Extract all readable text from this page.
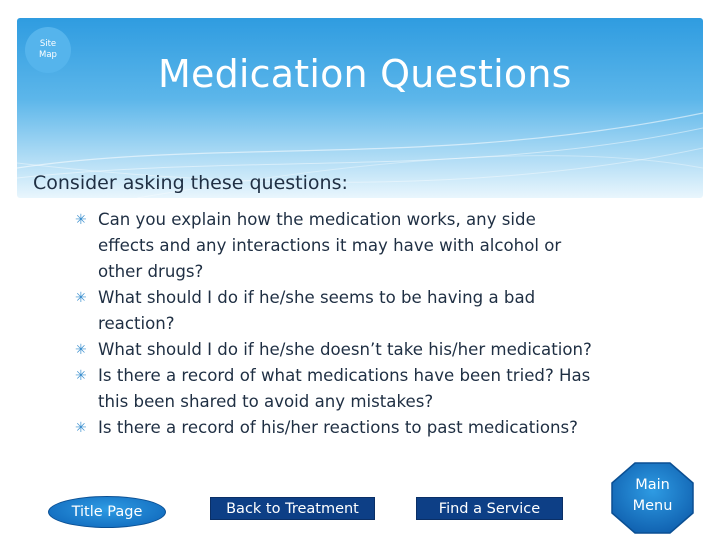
Site Map	Medication Questions
Consider asking these questions:
✳ Can you explain how the medication works, any side
effects and any interactions it may have with alcohol or
other drugs?
✳ What should I do if he/she seems to be having a bad
reaction?
✳ What should I do if he/she doesn’t take his/her medication?
✳ Is there a record of what medications have been tried? Has
this been shared to avoid any mistakes?
✳ Is there a record of his/her reactions to past medications?
Title Page	Back to Treatment	Find a Service
Main
Menu
